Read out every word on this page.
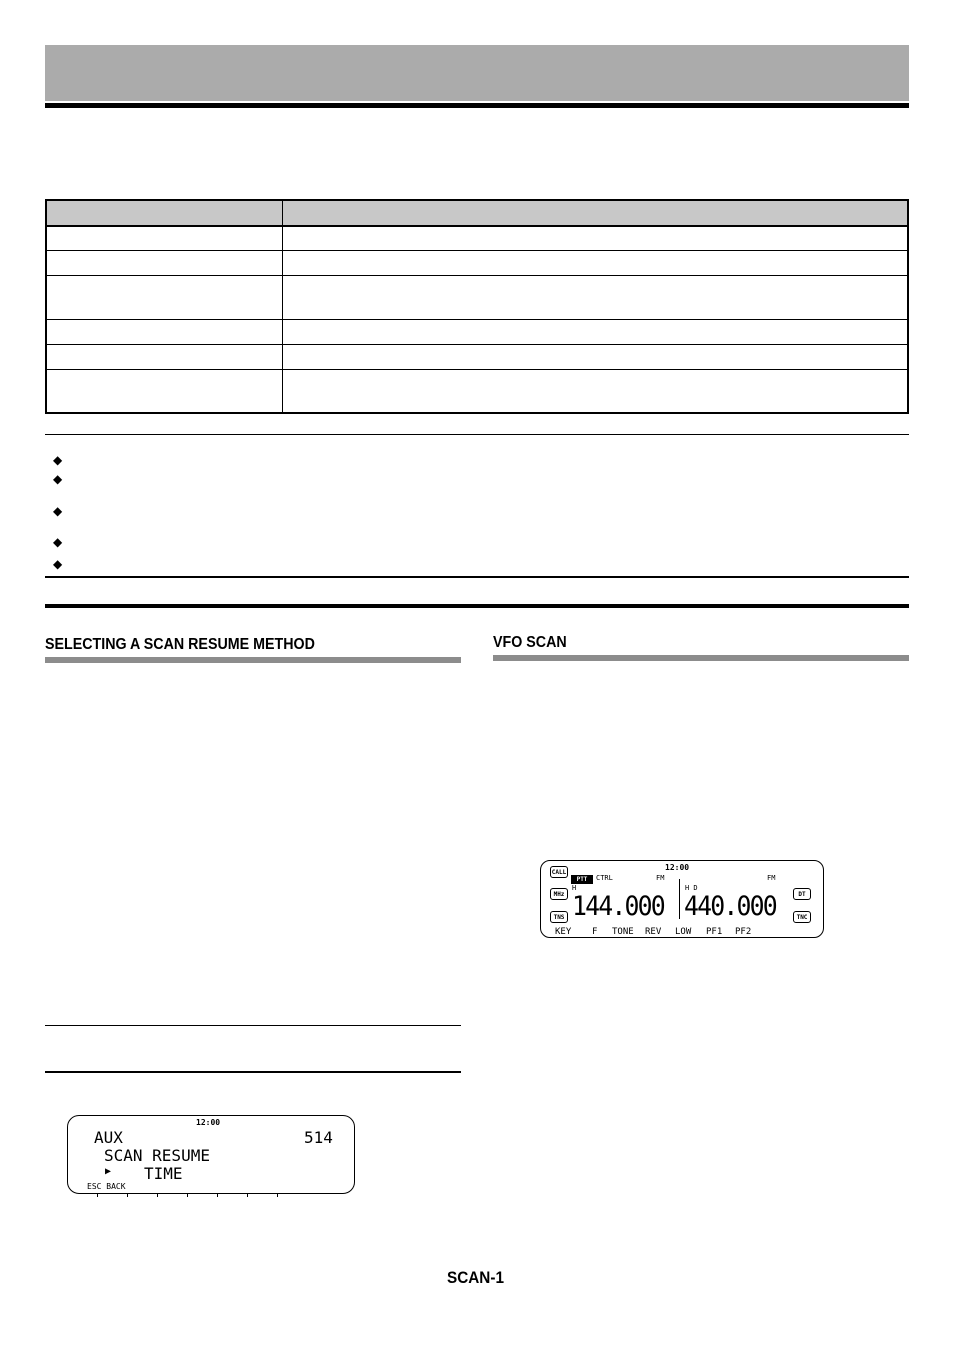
◆
◆
◆
◆
◆
SELECTING A SCAN RESUME METHOD	VFO SCAN
12:00
CALL
MHz
TNS
DT
TNC
PTT	CTRL	FM	FM
H	H D
144.000 440.000
KEY F TONE REV LOW PF1 PF2
12:00
AUX	514
SCAN RESUME
▶ TIME
ESC BACK
SCAN-1
